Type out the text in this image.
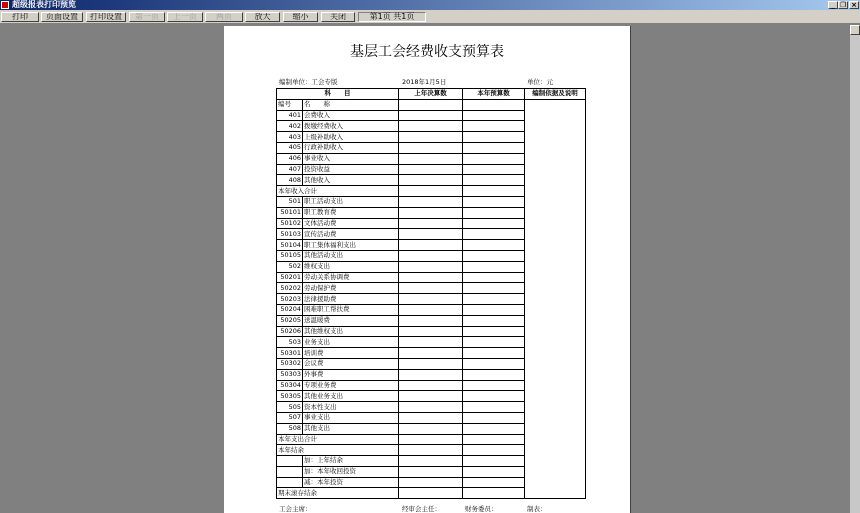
超级报表打印预览	_ ❐ ×
打印	页面设置	打印设置	第一页	上一页	两页	放大	缩小	关闭	第1页 共1页
基层工会经费收支预算表
编制单位：工会专版	2018年1月5日	单位：元
科　　目		上年决算数	本年预算数	编制依据及说明
编号	名　　称			
401	会费收入			
402	拨缴经费收入			
403	上级补助收入			
405	行政补助收入			
406	事业收入			
407	投资收益			
408	其他收入			
本年收入合计				
501	职工活动支出			
50101	职工教育费			
50102	文体活动费			
50103	宣传活动费			
50104	职工集体福利支出			
50105	其他活动支出			
502	维权支出			
50201	劳动关系协调费			
50202	劳动保护费			
50203	法律援助费			
50204	困难职工帮扶费			
50205	送温暖费			
50206	其他维权支出			
503	业务支出			
50301	培训费			
50302	会议费			
50303	外事费			
50304	专项业务费			
50305	其他业务支出			
505	资本性支出			
507	事业支出			
508	其他支出			
本年支出合计				
本年结余				
	加：上年结余			
	加：本年收回投资			
	减：本年投资			
期末滚存结余				
工会主席：	经审会主任：	财务委员：	制表：
